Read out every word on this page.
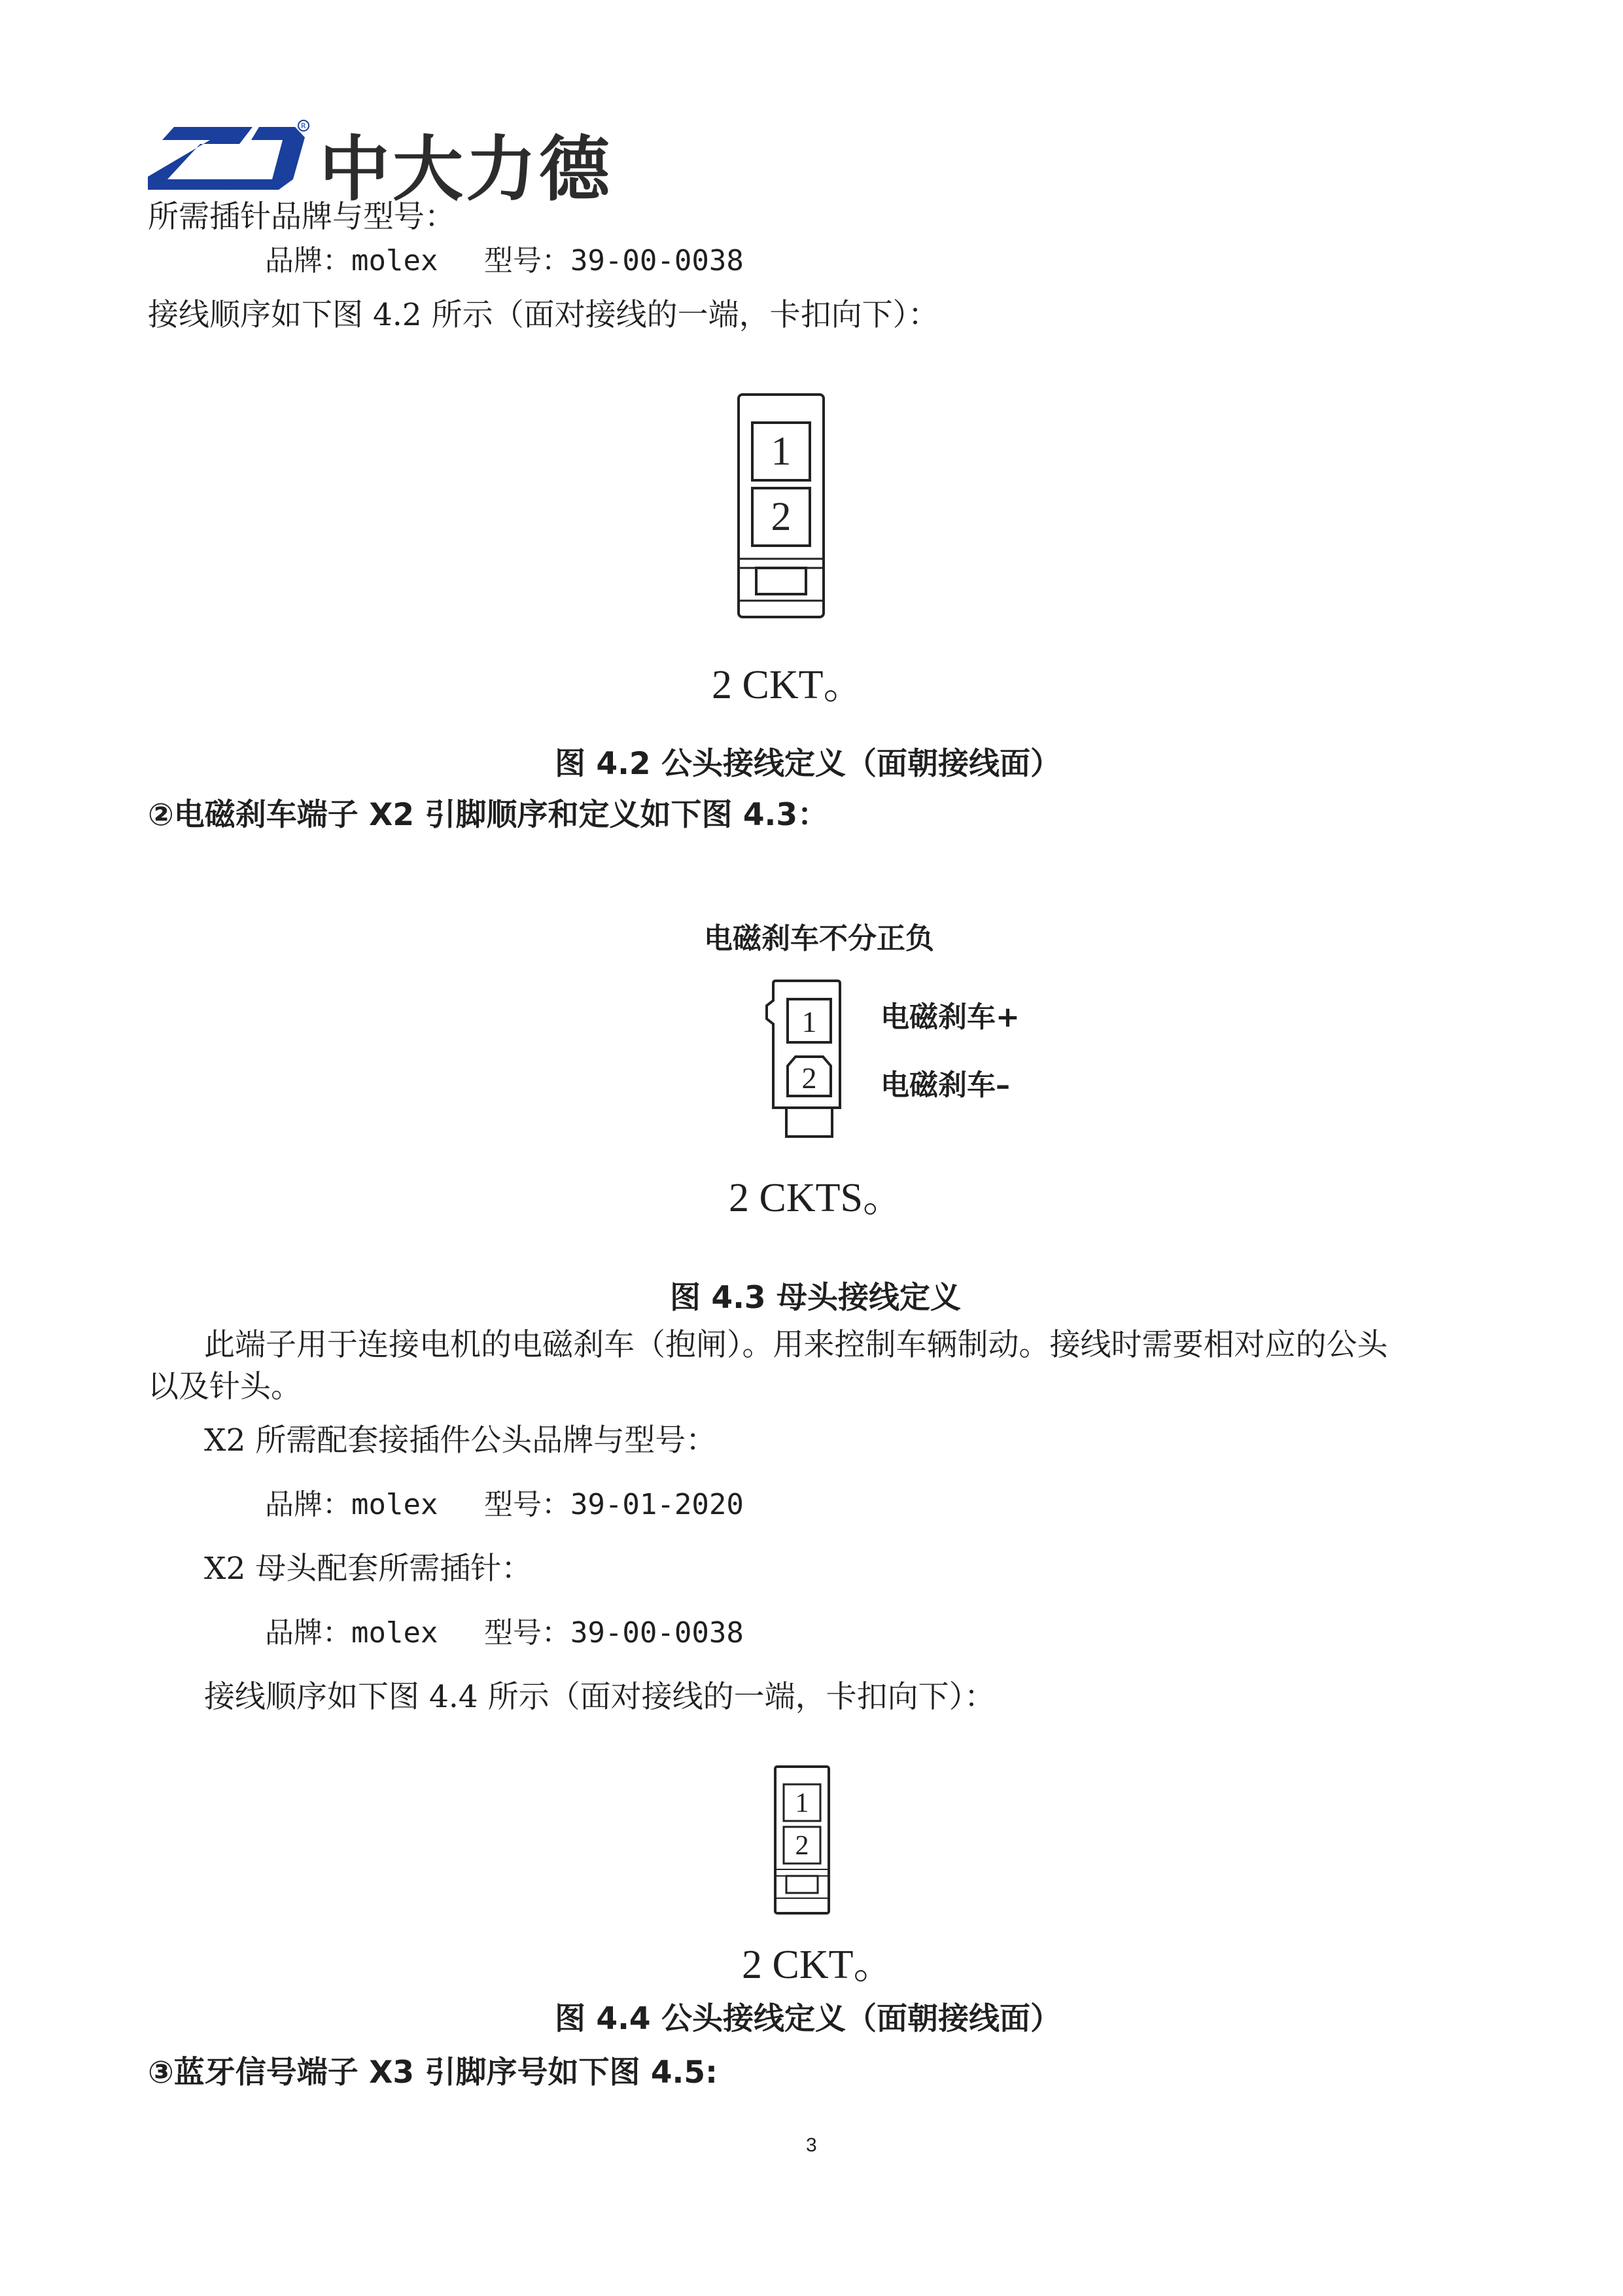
R
中大力德
所需插针品牌与型号：
品牌：molex　 型号：39-00-0038
接线顺序如下图 4.2 所示（面对接线的一端，卡扣向下）：
1
2
2 CKT。
图 4.2 公头接线定义（面朝接线面）
②电磁刹车端子 X2 引脚顺序和定义如下图 4.3：
电磁刹车不分正负
1
2
电磁刹车+
电磁刹车–
2 CKTS。
图 4.3 母头接线定义
此端子用于连接电机的电磁刹车（抱闸）。用来控制车辆制动。接线时需要相对应的公头
以及针头。
X2 所需配套接插件公头品牌与型号：
品牌：molex　 型号：39-01-2020
X2 母头配套所需插针：
品牌：molex　 型号：39-00-0038
接线顺序如下图 4.4 所示（面对接线的一端，卡扣向下）：
1
2
2 CKT。
图 4.4 公头接线定义（面朝接线面）
③蓝牙信号端子 X3 引脚序号如下图 4.5:
3
